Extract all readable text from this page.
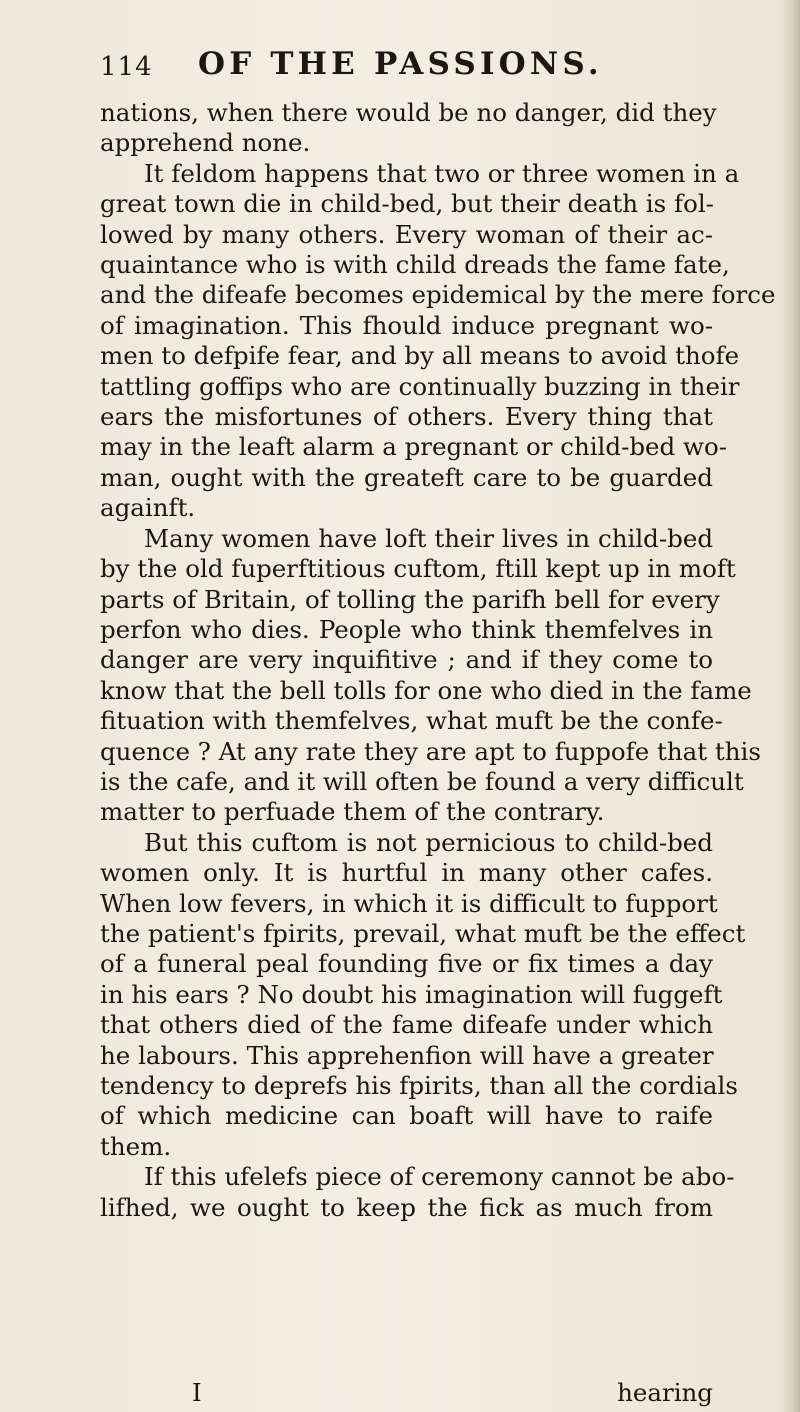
114 OF THE PASSIONS.
nations, when there would be no danger, did they
apprehend none.
It feldom happens that two or three women in a
great town die in child-bed, but their death is fol-
lowed by many others. Every woman of their ac-
quaintance who is with child dreads the fame fate,
and the difeafe becomes epidemical by the mere force
of imagination. This fhould induce pregnant wo-
men to defpife fear, and by all means to avoid thofe
tattling goffips who are continually buzzing in their
ears the misfortunes of others. Every thing that
may in the leaft alarm a pregnant or child-bed wo-
man, ought with the greateft care to be guarded
againft.
Many women have loft their lives in child-bed
by the old fuperftitious cuftom, ftill kept up in moft
parts of Britain, of tolling the parifh bell for every
perfon who dies. People who think themfelves in
danger are very inquifitive ; and if they come to
know that the bell tolls for one who died in the fame
fituation with themfelves, what muft be the confe-
quence ? At any rate they are apt to fuppofe that this
is the cafe, and it will often be found a very difficult
matter to perfuade them of the contrary.
But this cuftom is not pernicious to child-bed
women only. It is hurtful in many other cafes.
When low fevers, in which it is difficult to fupport
the patient's fpirits, prevail, what muft be the effect
of a funeral peal founding five or fix times a day
in his ears ? No doubt his imagination will fuggeft
that others died of the fame difeafe under which
he labours. This apprehenfion will have a greater
tendency to deprefs his fpirits, than all the cordials
of which medicine can boaft will have to raife
them.
If this ufelefs piece of ceremony cannot be abo-
lifhed, we ought to keep the fick as much from
I	hearing
